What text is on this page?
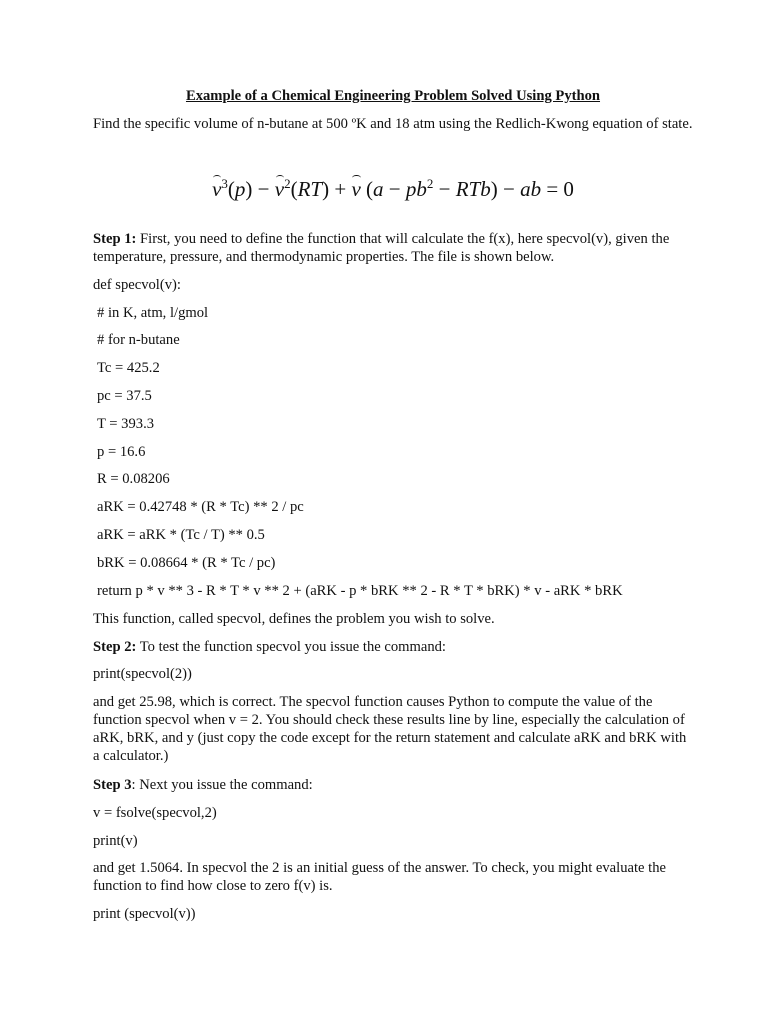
Example of a Chemical Engineering Problem Solved Using Python

Find the specific volume of n-butane at 500 ºK and 18 atm using the Redlich-Kwong equation of state.

$v^3(p) - v^2(RT) + v$ $(a - pb^2 - RTb)$ − ab = 0

Step 1: First, you need to define the function that will calculate the f(x), here specvol(v), given the temperature, pressure, and thermodynamic properties. The file is shown below.

def specvol(v):
# in K, atm, l/gmol
# for n-butane
Tc = 425.2
pc = 37.5
T = 393.3
p = 16.6
R = 0.08206
aRK = 0.42748 * (R * Tc) ** 2 / pc
aRK = aRK * (Tc / T) ** 0.5
bRK = 0.08664 * (R * Tc / pc)
return p * v ** 3 - R * T * v ** 2 + (aRK - p * bRK ** 2 - R * T * bRK) * v - aRK * bRK
This function, called specvol, defines the problem you wish to solve.

Step 2: To test the function specvol you issue the command:

print(specvol(2))

and get 25.98, which is correct. The specvol function causes Python to compute the value of the function specvol when v = 2. You should check these results line by line, especially the calculation of aRK, bRK, and y (just copy the code except for the return statement and calculate aRK and bRK with a calculator.)

Step 3: Next you issue the command:

v = fsolve(specvol,2)
print(v)

and get 1.5064. In specvol the 2 is an initial guess of the answer. To check, you might evaluate the function to find how close to zero f(v) is.

print (specvol(v))
